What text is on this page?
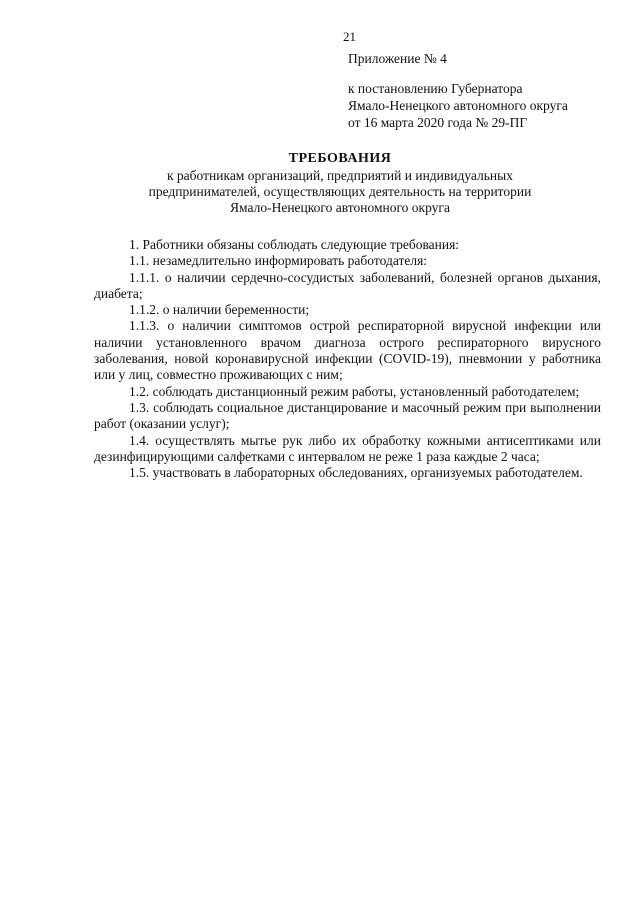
21
Приложение № 4
к постановлению Губернатора
Ямало-Ненецкого автономного округа
от 16 марта 2020 года № 29-ПГ
ТРЕБОВАНИЯ
к работникам организаций, предприятий и индивидуальных
предпринимателей, осуществляющих деятельность на территории
Ямало-Ненецкого автономного округа

1. Работники обязаны соблюдать следующие требования:

1.1. незамедлительно информировать работодателя:

1.1.1. о наличии сердечно-сосудистых заболеваний, болезней органов дыхания, диабета;

1.1.2. о наличии беременности;

1.1.3. о наличии симптомов острой респираторной вирусной инфекции или наличии установленного врачом диагноза острого респираторного вирусного заболевания, новой коронавирусной инфекции (COVID-19), пневмонии у работника или у лиц, совместно проживающих с ним;

1.2. соблюдать дистанционный режим работы, установленный работодателем;

1.3. соблюдать социальное дистанцирование и масочный режим при выполнении работ (оказании услуг);

1.4. осуществлять мытье рук либо их обработку кожными антисептиками или дезинфицирующими салфетками с интервалом не реже 1 раза каждые 2 часа;

1.5. участвовать в лабораторных обследованиях, организуемых работодателем.
